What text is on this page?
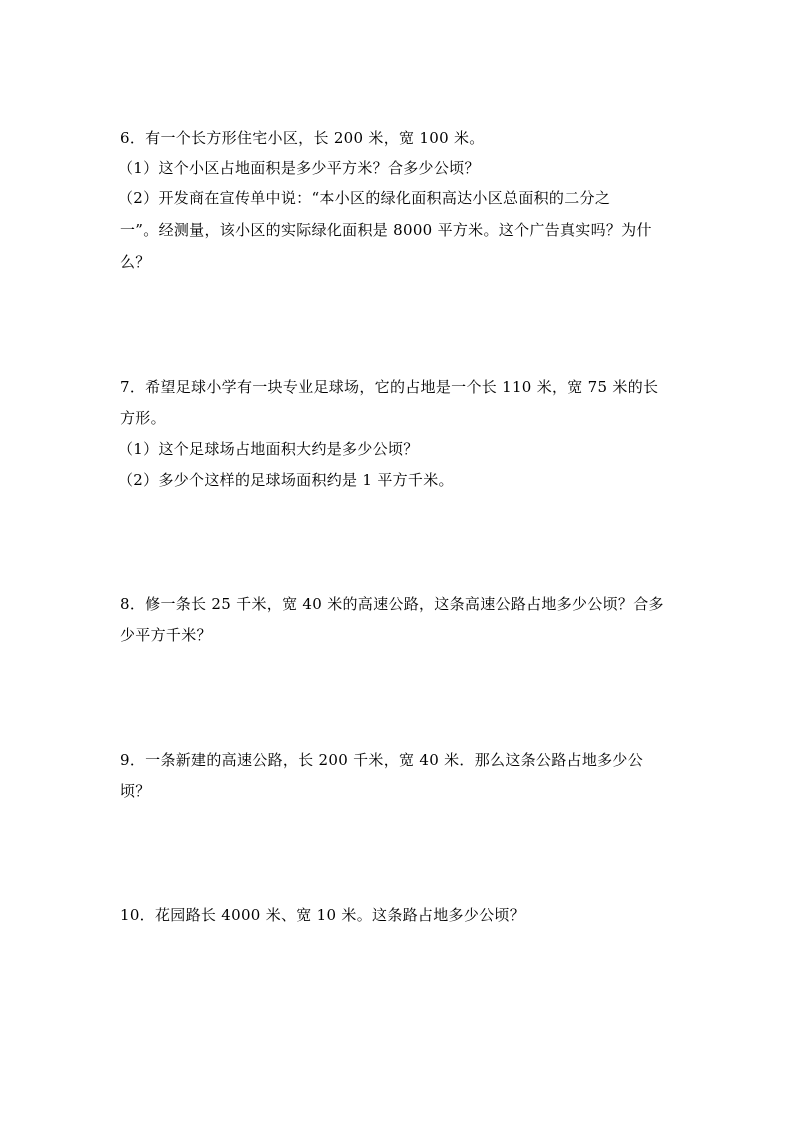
6．有一个长方形住宅小区，长 200 米，宽 100 米。
（1）这个小区占地面积是多少平方米？合多少公顷？
（2）开发商在宣传单中说：“本小区的绿化面积高达小区总面积的二分之
一”。经测量，该小区的实际绿化面积是 8000 平方米。这个广告真实吗？为什
么？
7．希望足球小学有一块专业足球场，它的占地是一个长 110 米，宽 75 米的长
方形。
（1）这个足球场占地面积大约是多少公顷？
（2）多少个这样的足球场面积约是 1 平方千米。
8．修一条长 25 千米，宽 40 米的高速公路，这条高速公路占地多少公顷？合多
少平方千米？
9．一条新建的高速公路，长 200 千米，宽 40 米．那么这条公路占地多少公
顷？
10．花园路长 4000 米、宽 10 米。这条路占地多少公顷？
